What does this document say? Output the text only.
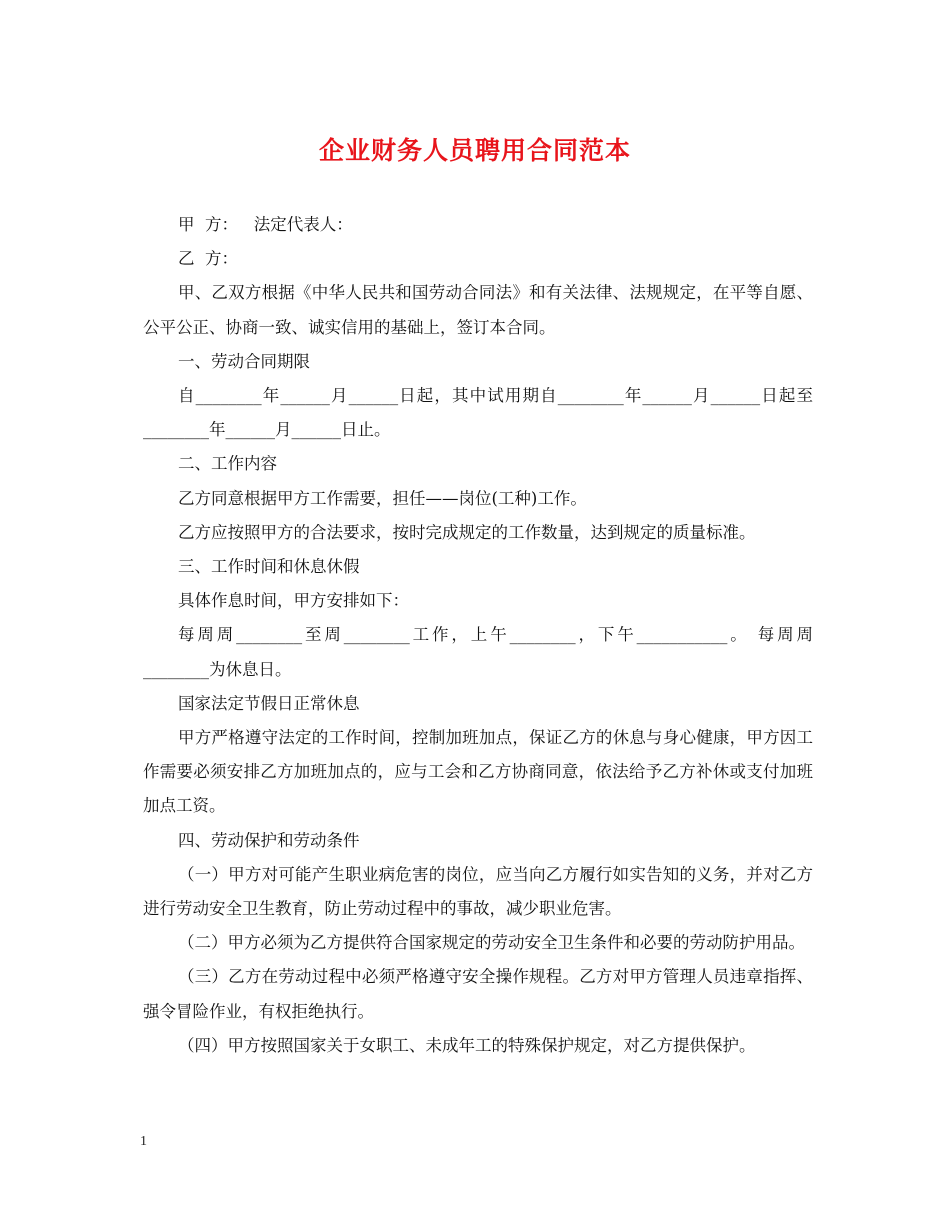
企业财务人员聘用合同范本

甲  方：   法定代表人：

乙  方：

甲、乙双方根据《中华人民共和国劳动合同法》和有关法律、法规规定，在平等自愿、公平公正、协商一致、诚实信用的基础上，签订本合同。

一、劳动合同期限

自________年______月______日起，其中试用期自________年______月______日起至________年______月______日止。

二、工作内容

乙方同意根据甲方工作需要，担任——岗位(工种)工作。

乙方应按照甲方的合法要求，按时完成规定的工作数量，达到规定的质量标准。

三、工作时间和休息休假

具体作息时间，甲方安排如下：

每周周________至周________工作，上午________，下午___________。 每周周________为休息日。

国家法定节假日正常休息

甲方严格遵守法定的工作时间，控制加班加点，保证乙方的休息与身心健康，甲方因工作需要必须安排乙方加班加点的，应与工会和乙方协商同意，依法给予乙方补休或支付加班加点工资。

四、劳动保护和劳动条件

（一）甲方对可能产生职业病危害的岗位，应当向乙方履行如实告知的义务，并对乙方进行劳动安全卫生教育，防止劳动过程中的事故，减少职业危害。

（二）甲方必须为乙方提供符合国家规定的劳动安全卫生条件和必要的劳动防护用品。

（三）乙方在劳动过程中必须严格遵守安全操作规程。乙方对甲方管理人员违章指挥、强令冒险作业，有权拒绝执行。

（四）甲方按照国家关于女职工、未成年工的特殊保护规定，对乙方提供保护。

1
